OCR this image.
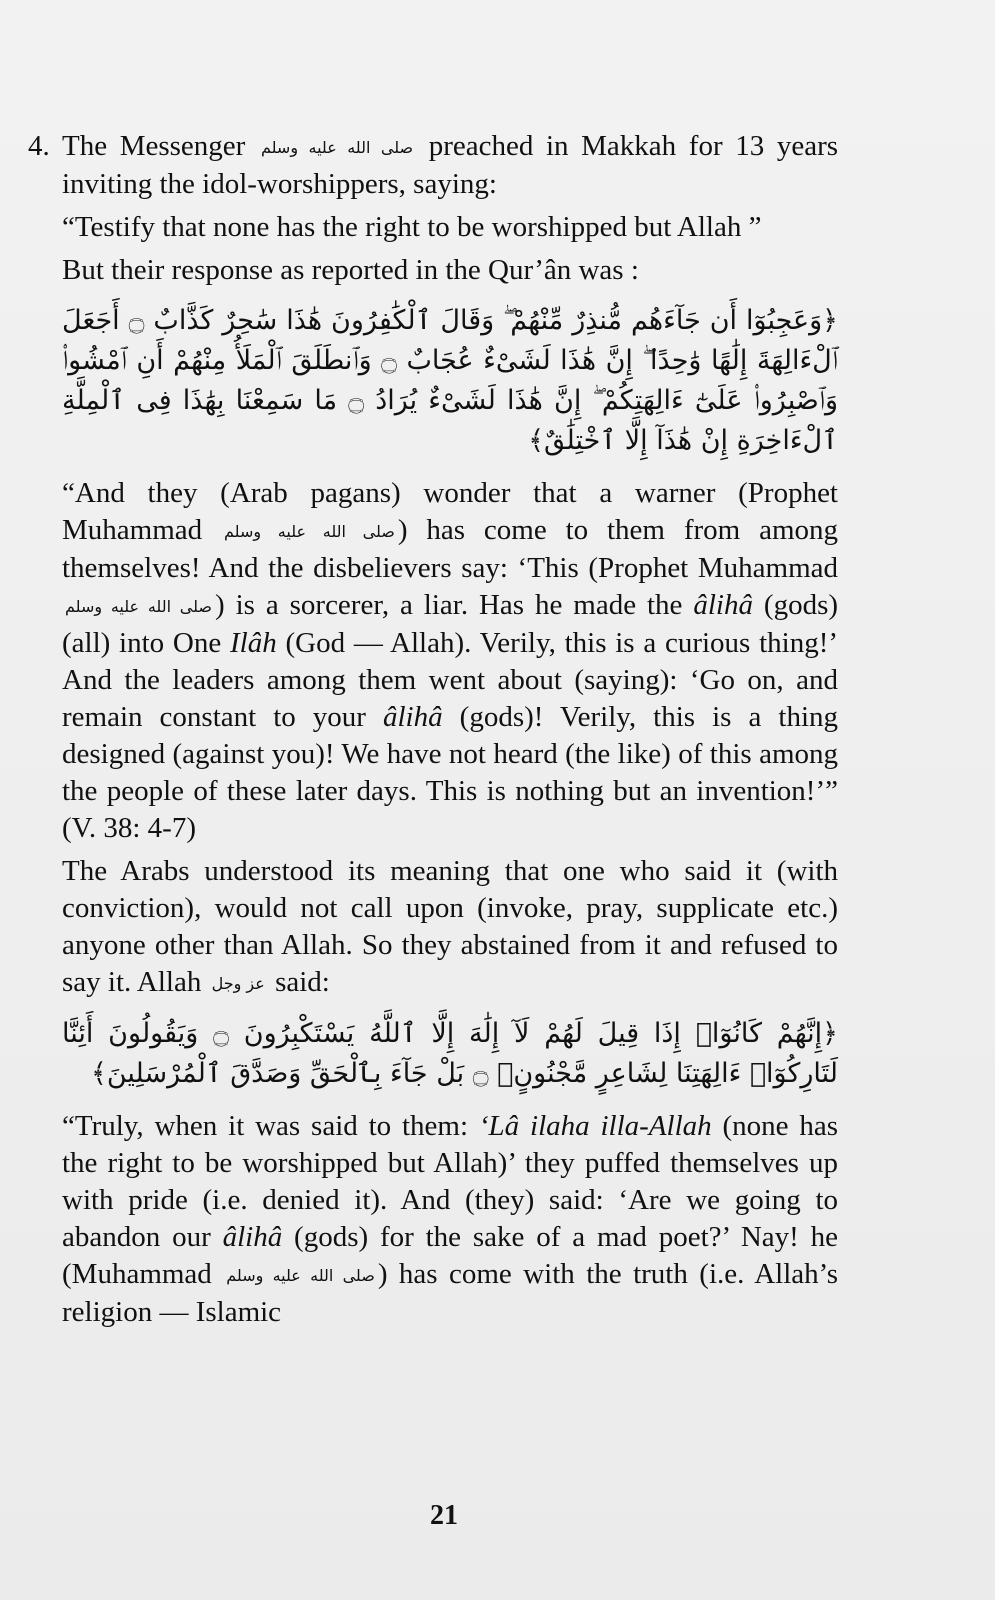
4. The Messenger صلى الله عليه وسلم preached in Makkah for 13 years inviting the idol-worshippers, saying:

“Testify that none has the right to be worshipped but Allah ”

But their response as reported in the Qur’ân was :

﴿وَعَجِبُوٓا أَن جَآءَهُم مُّنذِرٌ مِّنْهُمْ ۖ وَقَالَ ٱلْكَٰفِرُونَ هَٰذَا سَٰحِرٌ كَذَّابٌ ۝ أَجَعَلَ ٱلْءَالِهَةَ إِلَٰهًا وَٰحِدًا ۖ إِنَّ هَٰذَا لَشَىْءٌ عُجَابٌ ۝ وَٱنطَلَقَ ٱلْمَلَأُ مِنْهُمْ أَنِ ٱمْشُوا۟ وَٱصْبِرُوا۟ عَلَىٰٓ ءَالِهَتِكُمْ ۖ إِنَّ هَٰذَا لَشَىْءٌ يُرَادُ ۝ مَا سَمِعْنَا بِهَٰذَا فِى ٱلْمِلَّةِ ٱلْءَاخِرَةِ إِنْ هَٰذَآ إِلَّا ٱخْتِلَٰقٌ﴾

“And they (Arab pagans) wonder that a warner (Prophet Muhammad صلى الله عليه وسلم ) has come to them from among themselves! And the disbelievers say: ‘This (Prophet Muhammad صلى الله عليه وسلم ) is a sorcerer, a liar. Has he made the âlihâ (gods) (all) into One Ilâh (God — Allah). Verily, this is a curious thing!’ And the leaders among them went about (saying): ‘Go on, and remain constant to your âlihâ (gods)! Verily, this is a thing designed (against you)! We have not heard (the like) of this among the people of these later days. This is nothing but an invention!’” (V. 38: 4-7)

The Arabs understood its meaning that one who said it (with conviction), would not call upon (invoke, pray, supplicate etc.) anyone other than Allah. So they abstained from it and refused to say it. Allah عز وجل said:

﴿إِنَّهُمْ كَانُوٓا۟ إِذَا قِيلَ لَهُمْ لَآ إِلَٰهَ إِلَّا ٱللَّهُ يَسْتَكْبِرُونَ ۝ وَيَقُولُونَ أَئِنَّا لَتَارِكُوٓا۟ ءَالِهَتِنَا لِشَاعِرٍ مَّجْنُونٍۭ ۝ بَلْ جَآءَ بِٱلْحَقِّ وَصَدَّقَ ٱلْمُرْسَلِينَ﴾

“Truly, when it was said to them: ‘Lâ ilaha illa-Allah (none has the right to be worshipped but Allah)’ they puffed themselves up with pride (i.e. denied it). And (they) said: ‘Are we going to abandon our âlihâ (gods) for the sake of a mad poet?’ Nay! he (Muhammad صلى الله عليه وسلم ) has come with the truth (i.e. Allah’s religion — Islamic

21
